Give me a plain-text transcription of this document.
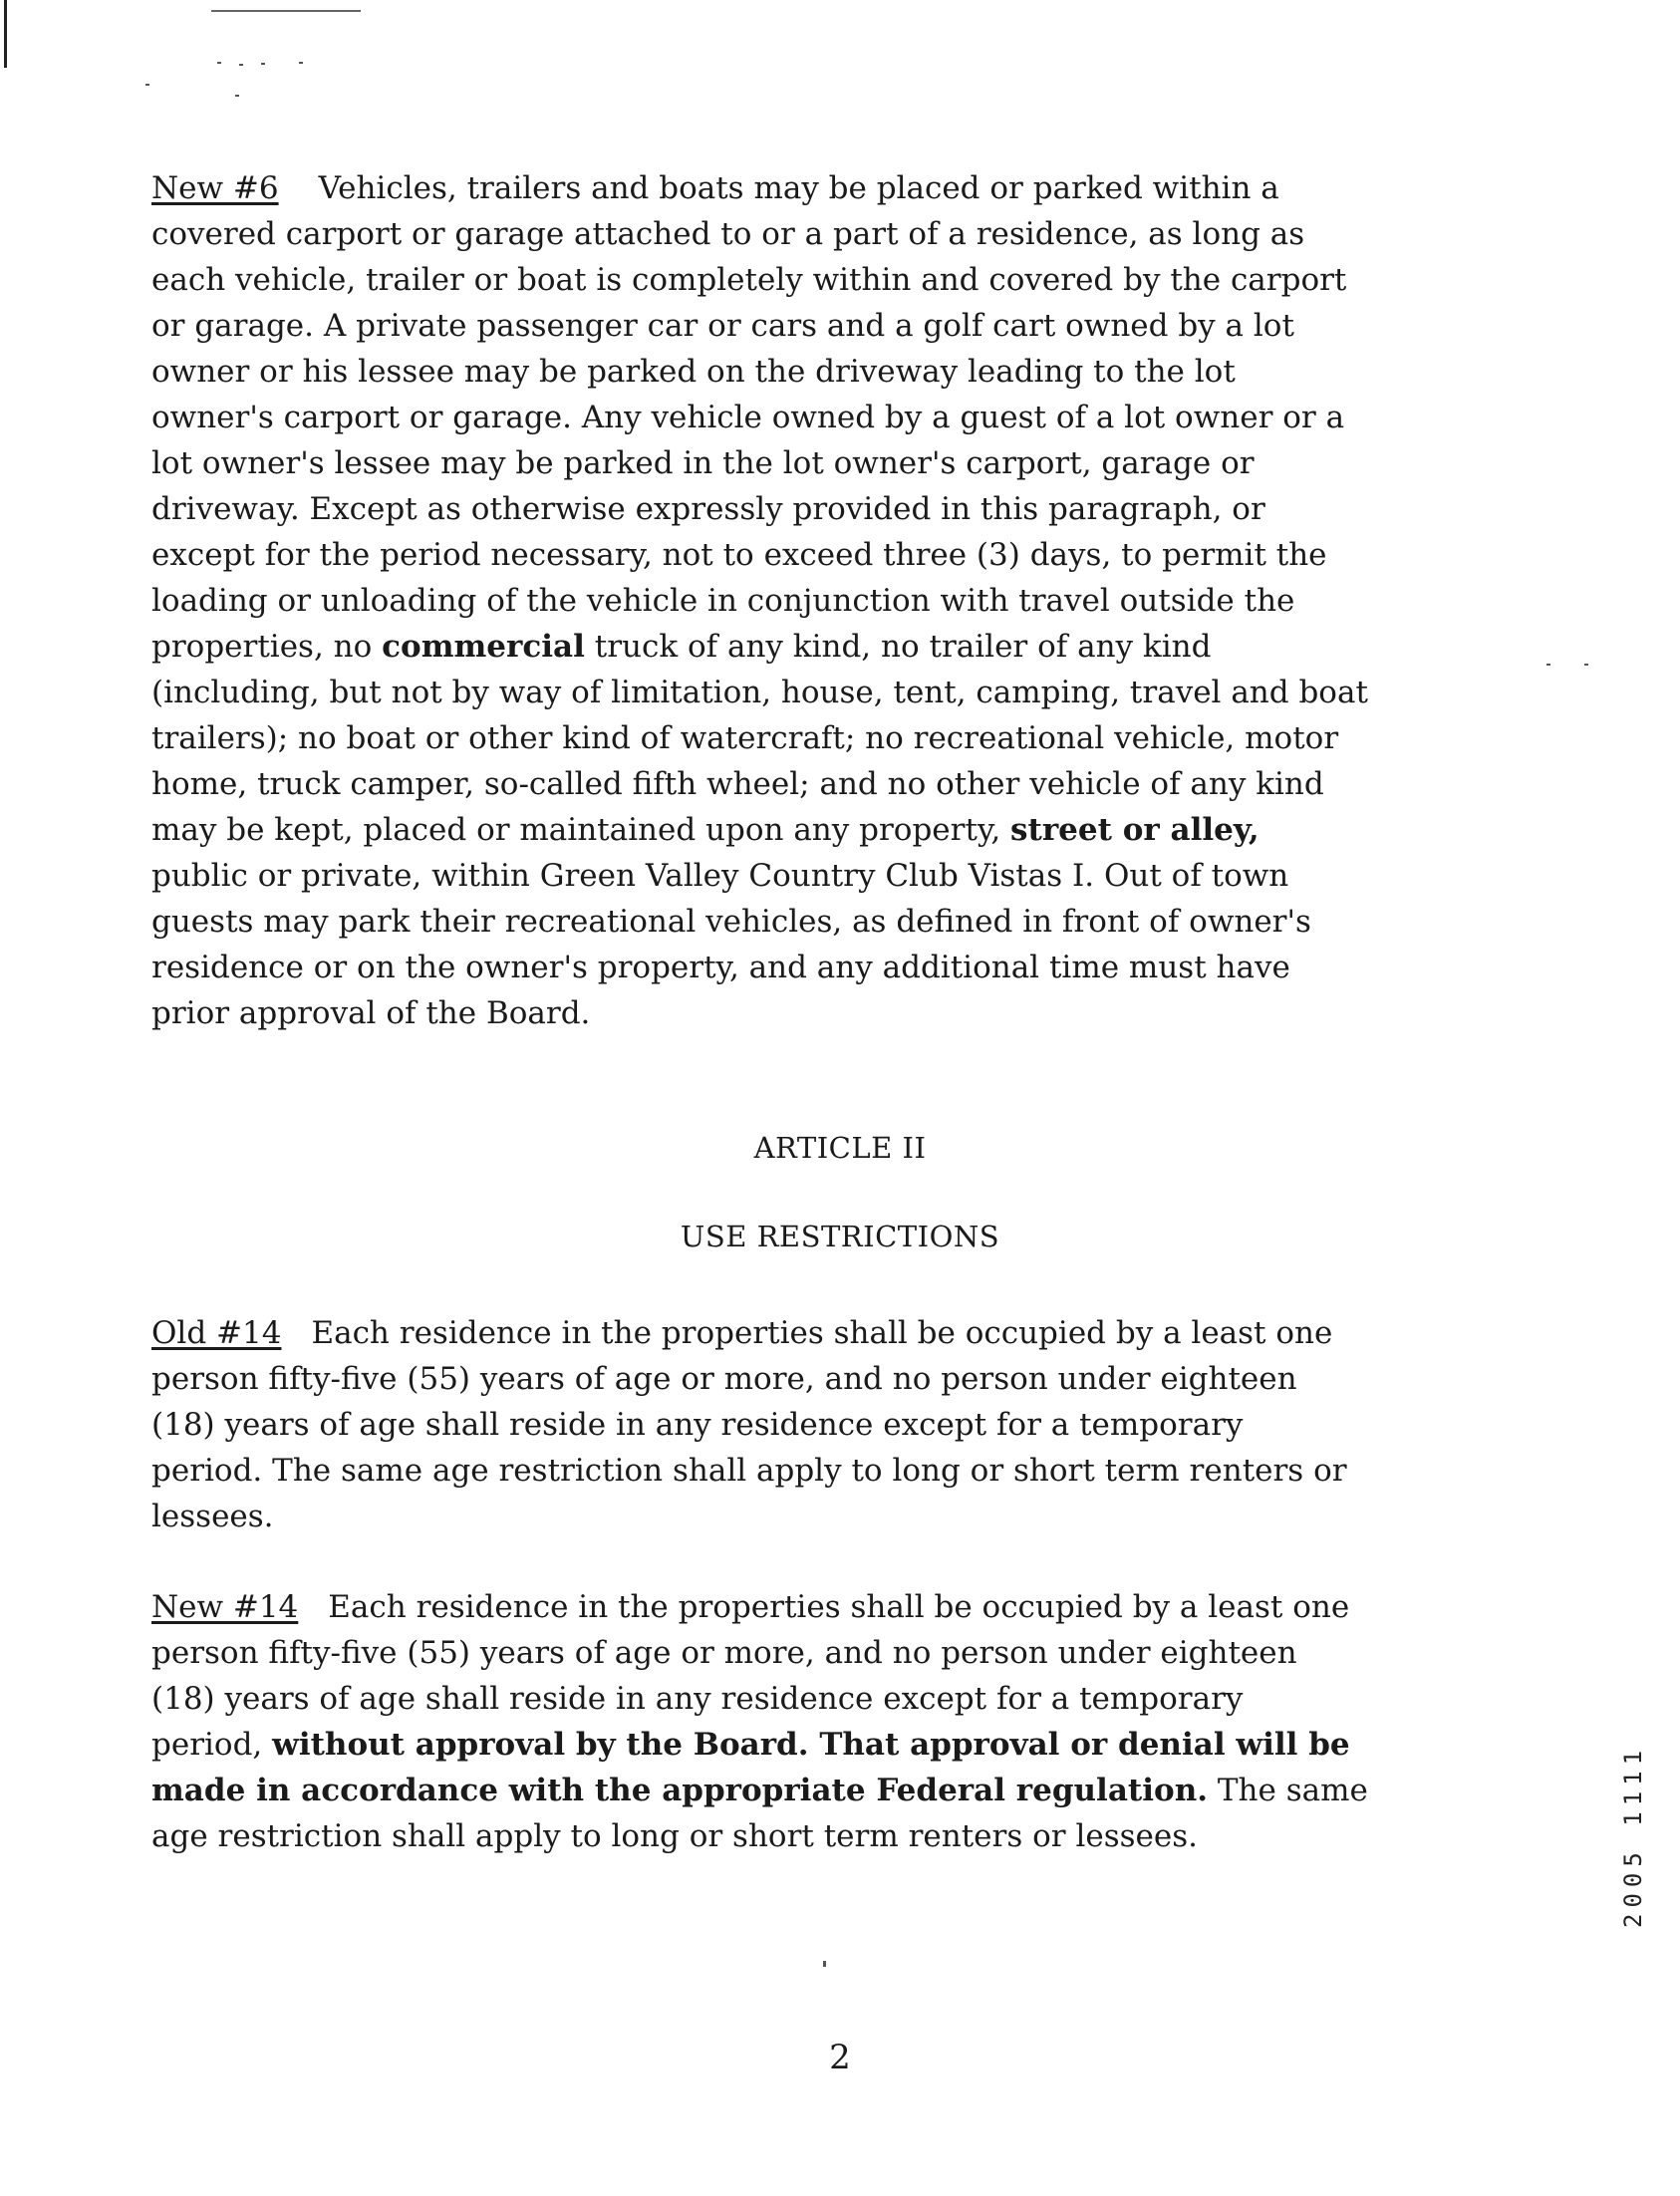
New #6 Vehicles, trailers and boats may be placed or parked within a
covered carport or garage attached to or a part of a residence, as long as
each vehicle, trailer or boat is completely within and covered by the carport
or garage. A private passenger car or cars and a golf cart owned by a lot
owner or his lessee may be parked on the driveway leading to the lot
owner's carport or garage. Any vehicle owned by a guest of a lot owner or a
lot owner's lessee may be parked in the lot owner's carport, garage or
driveway. Except as otherwise expressly provided in this paragraph, or
except for the period necessary, not to exceed three (3) days, to permit the
loading or unloading of the vehicle in conjunction with travel outside the
properties, no commercial truck of any kind, no trailer of any kind
(including, but not by way of limitation, house, tent, camping, travel and boat
trailers); no boat or other kind of watercraft; no recreational vehicle, motor
home, truck camper, so-called fifth wheel; and no other vehicle of any kind
may be kept, placed or maintained upon any property, street or alley,
public or private, within Green Valley Country Club Vistas I. Out of town
guests may park their recreational vehicles, as defined in front of owner's
residence or on the owner's property, and any additional time must have
prior approval of the Board.
ARTICLE II
USE RESTRICTIONS
Old #14 Each residence in the properties shall be occupied by a least one
person fifty-five (55) years of age or more, and no person under eighteen
(18) years of age shall reside in any residence except for a temporary
period. The same age restriction shall apply to long or short term renters or
lessees.
New #14 Each residence in the properties shall be occupied by a least one
person fifty-five (55) years of age or more, and no person under eighteen
(18) years of age shall reside in any residence except for a temporary
period, without approval by the Board. That approval or denial will be
made in accordance with the appropriate Federal regulation. The same
age restriction shall apply to long or short term renters or lessees.	2005 1111
2
